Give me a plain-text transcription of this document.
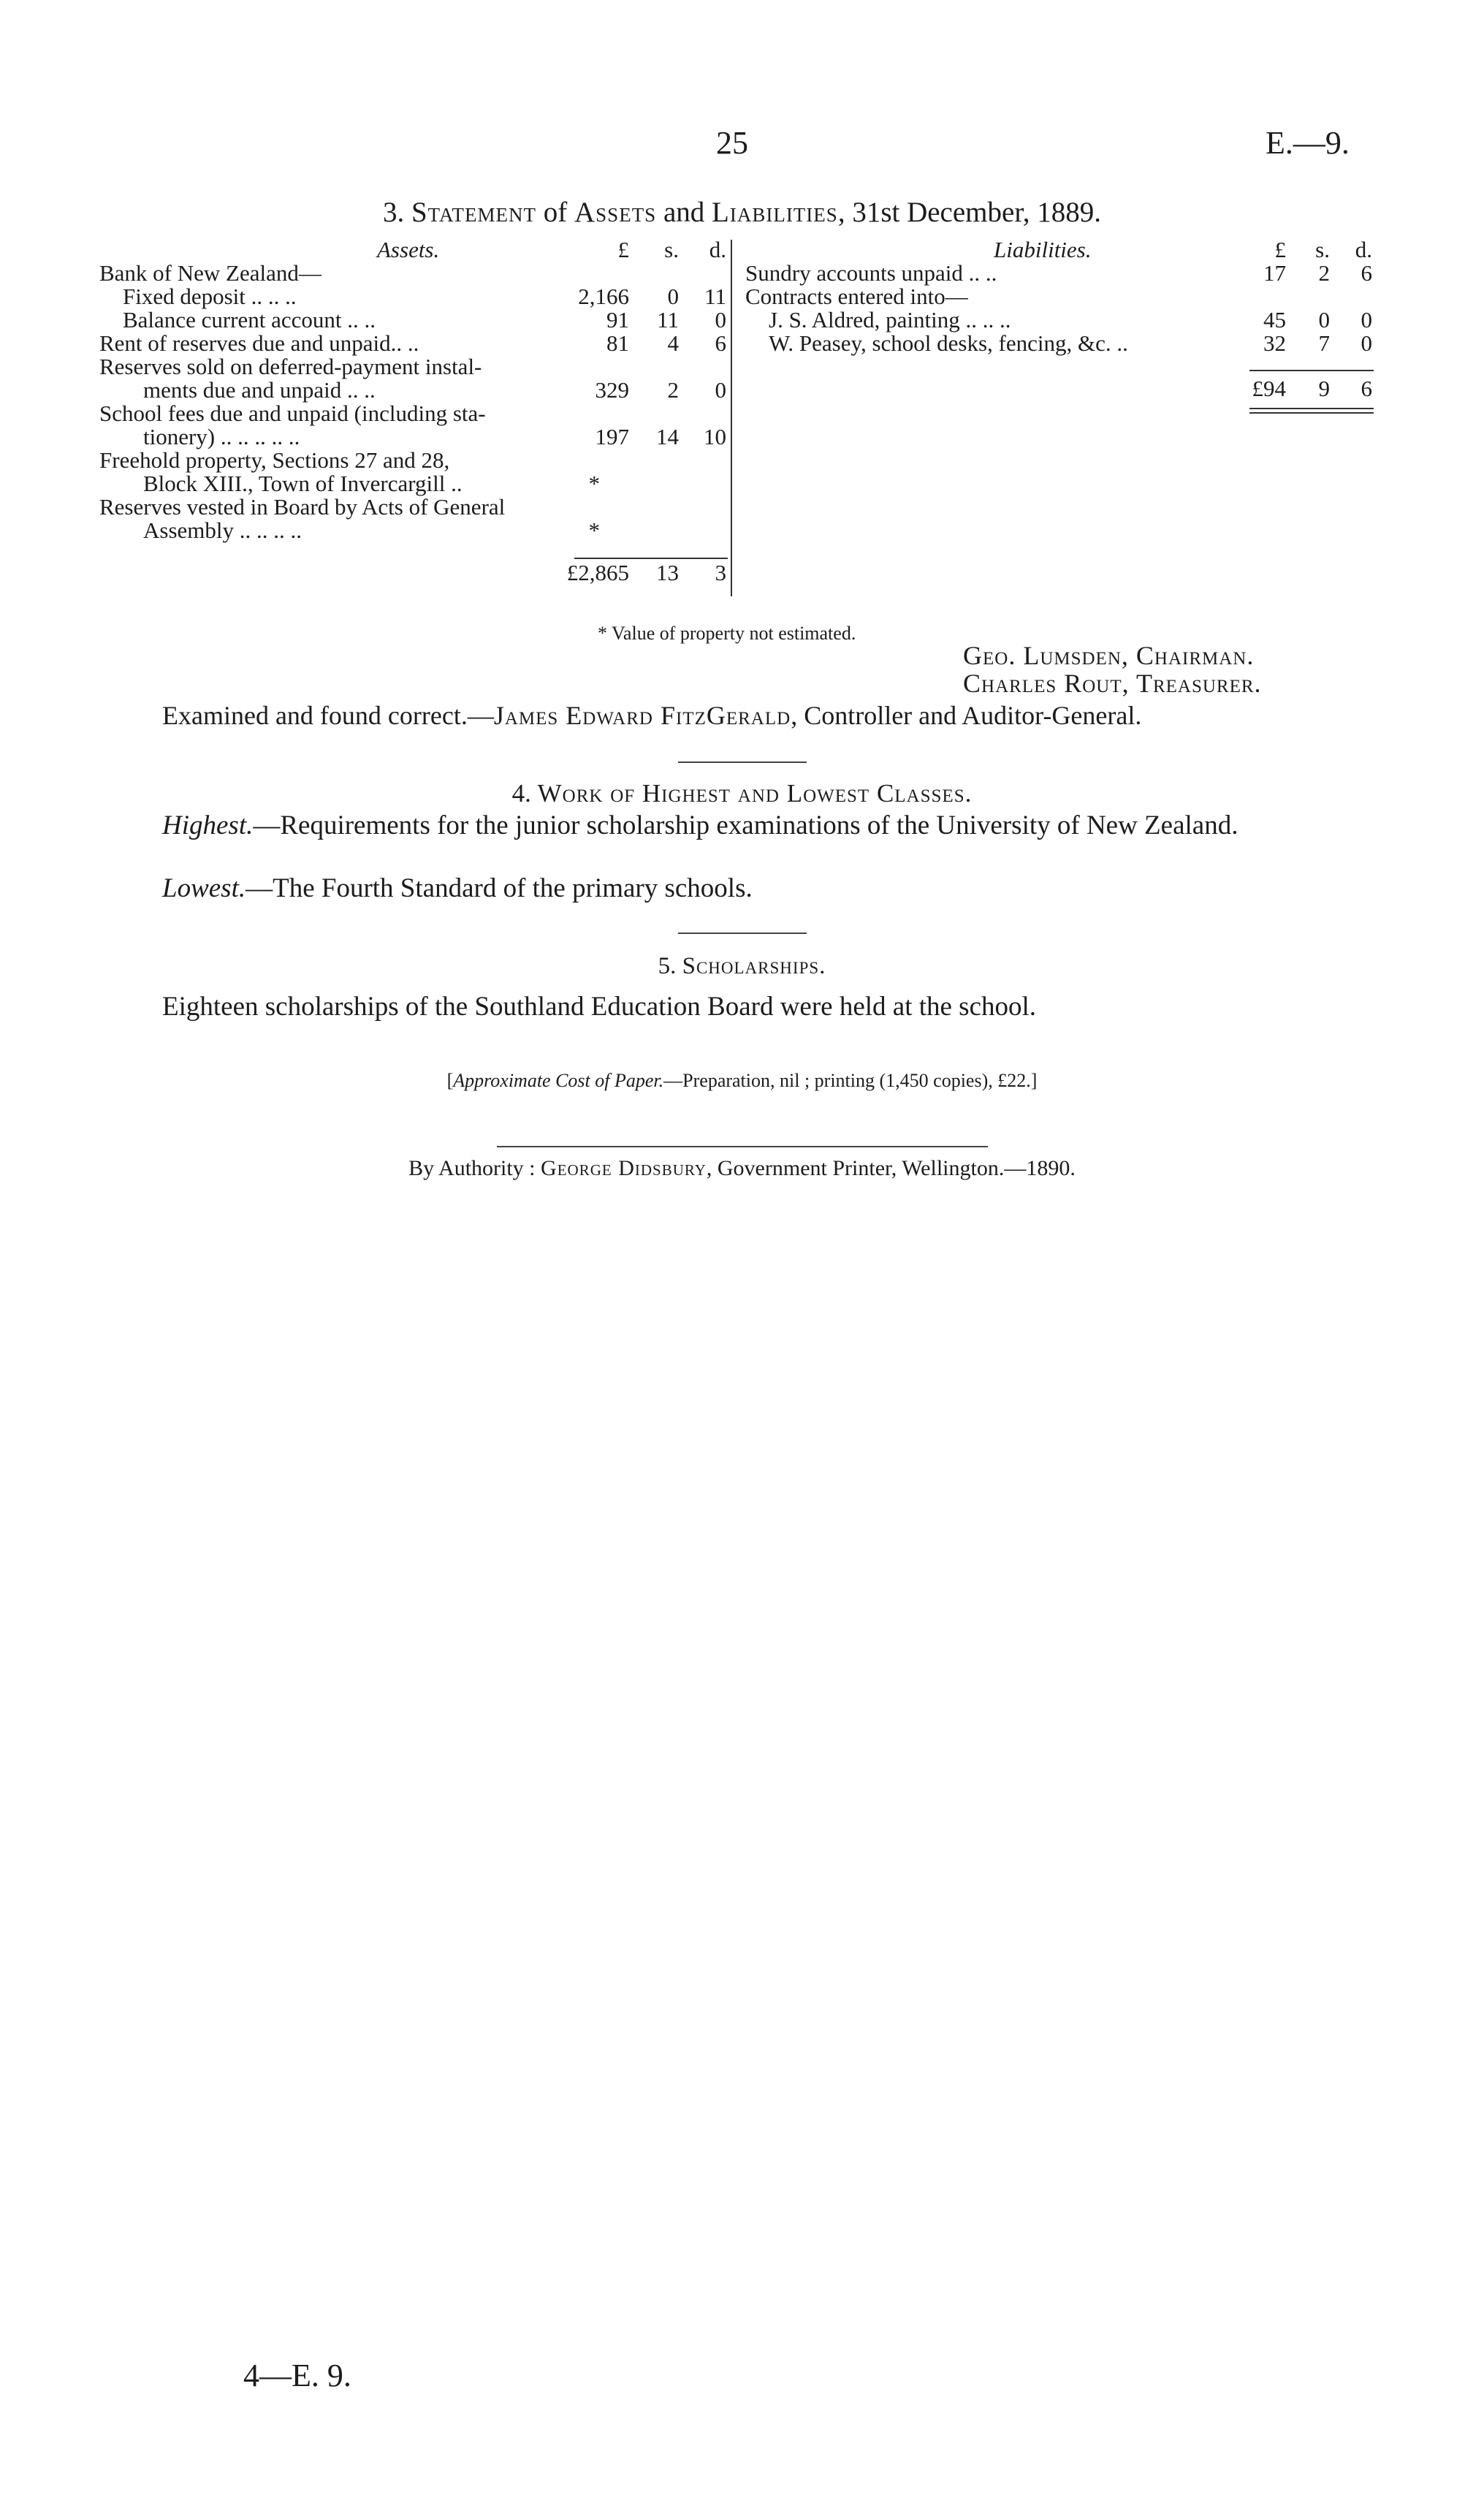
25	E.—9.
3. Statement of Assets and Liabilities, 31st December, 1889.
Assets.	£	s.	d.
Bank of New Zealand—
Fixed deposit .. .. ..	2,166	0	11
Balance current account .. ..	91	11	0
Rent of reserves due and unpaid.. ..	81	4	6
Reserves sold on deferred-payment instal-
ments due and unpaid .. ..	329	2	0
School fees due and unpaid (including sta-
tionery) .. .. .. .. ..	197	14	10
Freehold property, Sections 27 and 28,
Block XIII., Town of Invercargill ..	*
Reserves vested in Board by Acts of General
Assembly .. .. .. ..	*
£2,865	13	3
Liabilities.	£	s.	d.
Sundry accounts unpaid .. ..	17	2	6
Contracts entered into—
J. S. Aldred, painting .. .. ..	45	0	0
W. Peasey, school desks, fencing, &c. ..	32	7	0
£94	9	6
* Value of property not estimated.
Geo. Lumsden, Chairman.
Charles Rout, Treasurer.
Examined and found correct.—James Edward FitzGerald, Controller and Auditor-General.
4. Work of Highest and Lowest Classes.
Highest.—Requirements for the junior scholarship examinations of the University of New Zealand.
Lowest.—The Fourth Standard of the primary schools.
5. Scholarships.
Eighteen scholarships of the Southland Education Board were held at the school.
[Approximate Cost of Paper.—Preparation, nil ; printing (1,450 copies), £22.]
By Authority : George Didsbury, Government Printer, Wellington.—1890.
4—E. 9.
